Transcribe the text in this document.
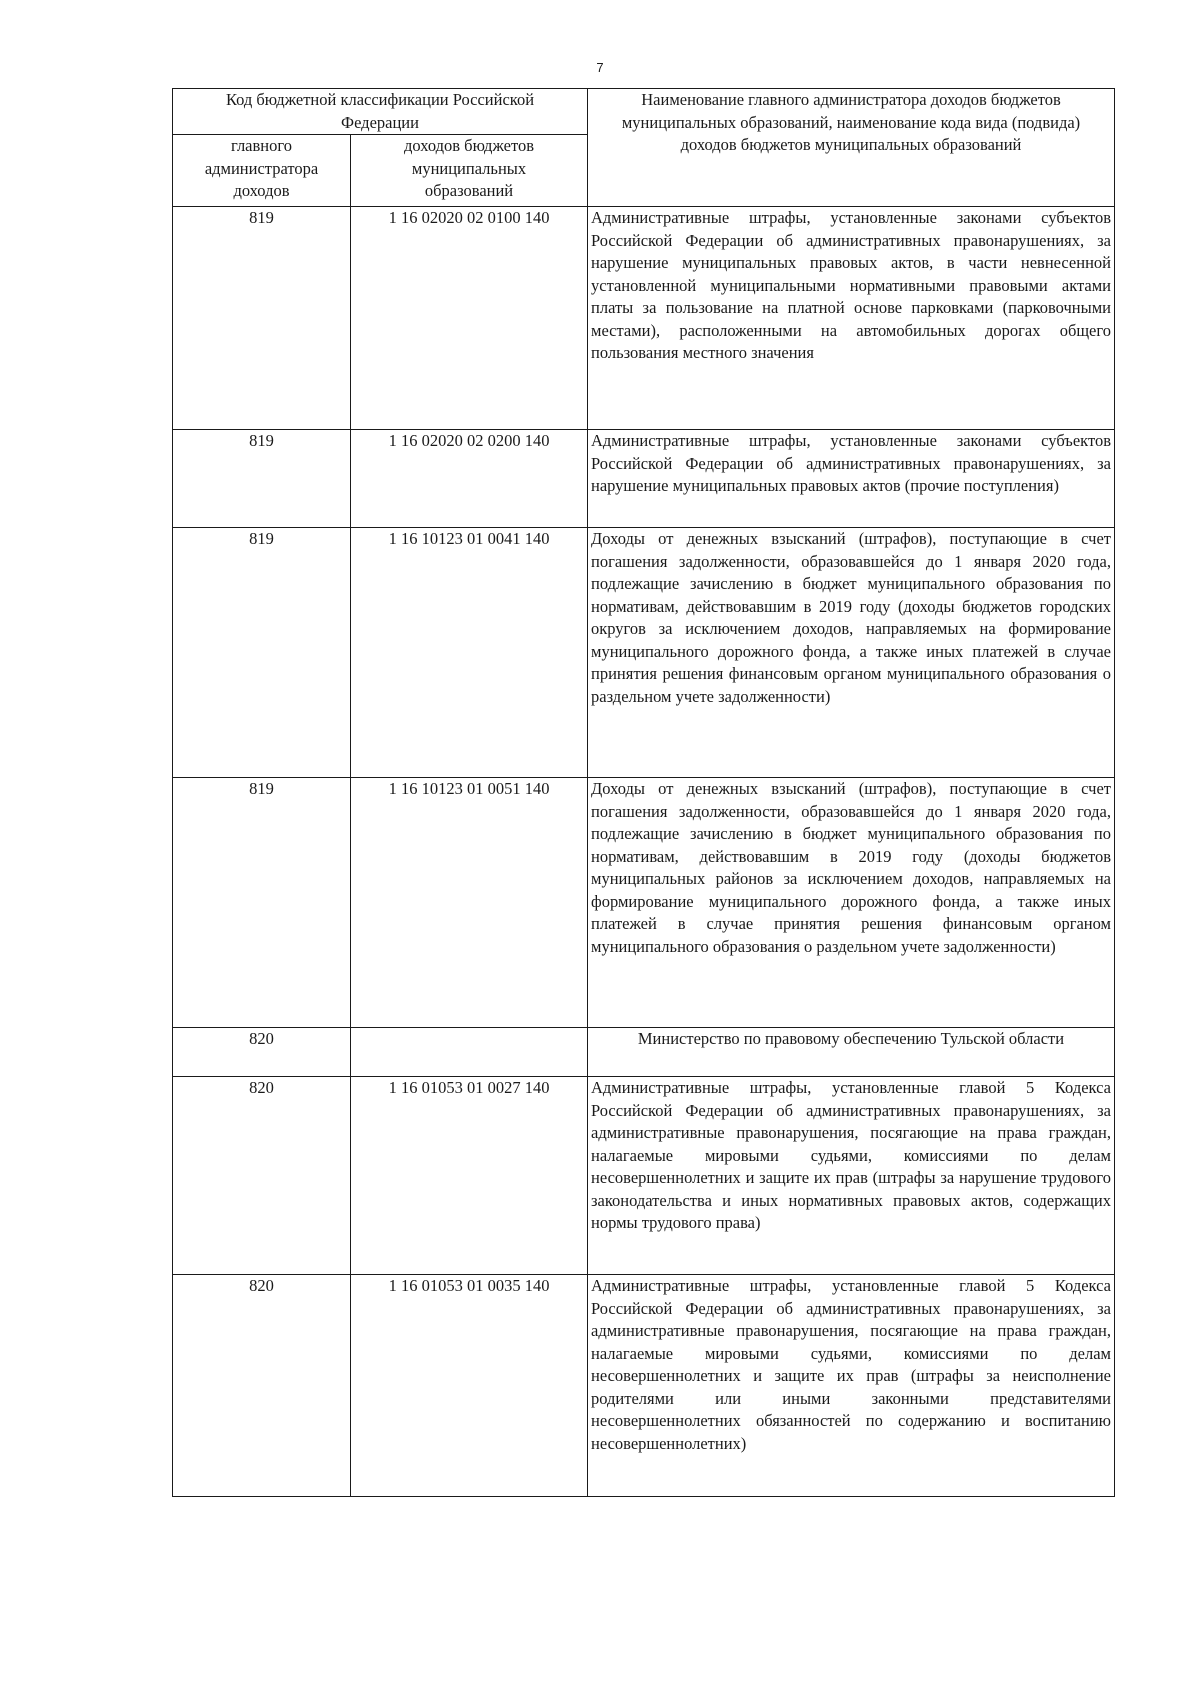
7
Код бюджетной классификации Российской Федерации		Наименование главного администратора доходов бюджетов муниципальных образований, наименование кода вида (подвида) доходов бюджетов муниципальных образований
главного администратора доходов	доходов бюджетов муниципальных образований	
819	1 16 02020 02 0100 140	Административные штрафы, установленные законами субъектов Российской Федерации об административных правонарушениях, за нарушение муниципальных правовых актов, в части невнесенной установленной муниципальными нормативными правовыми актами платы за пользование на платной основе парковками (парковочными местами), расположенными на автомобильных дорогах общего пользования местного значения
819	1 16 02020 02 0200 140	Административные штрафы, установленные законами субъектов Российской Федерации об административных правонарушениях, за нарушение муниципальных правовых актов (прочие поступления)
819	1 16 10123 01 0041 140	Доходы от денежных взысканий (штрафов), поступающие в счет погашения задолженности, образовавшейся до 1 января 2020 года, подлежащие зачислению в бюджет муниципального образования по нормативам, действовавшим в 2019 году (доходы бюджетов городских округов за исключением доходов, направляемых на формирование муниципального дорожного фонда, а также иных платежей в случае принятия решения финансовым органом муниципального образования о раздельном учете задолженности)
819	1 16 10123 01 0051 140	Доходы от денежных взысканий (штрафов), поступающие в счет погашения задолженности, образовавшейся до 1 января 2020 года, подлежащие зачислению в бюджет муниципального образования по нормативам, действовавшим в 2019 году (доходы бюджетов муниципальных районов за исключением доходов, направляемых на формирование муниципального дорожного фонда, а также иных платежей в случае принятия решения финансовым органом муниципального образования о раздельном учете задолженности)
820		Министерство по правовому обеспечению Тульской области
820	1 16 01053 01 0027 140	Административные штрафы, установленные главой 5 Кодекса Российской Федерации об административных правонарушениях, за административные правонарушения, посягающие на права граждан, налагаемые мировыми судьями, комиссиями по делам несовершеннолетних и защите их прав (штрафы за нарушение трудового законодательства и иных нормативных правовых актов, содержащих нормы трудового права)
820	1 16 01053 01 0035 140	Административные штрафы, установленные главой 5 Кодекса Российской Федерации об административных правонарушениях, за административные правонарушения, посягающие на права граждан, налагаемые мировыми судьями, комиссиями по делам несовершеннолетних и защите их прав (штрафы за неисполнение родителями или иными законными представителями несовершеннолетних обязанностей по содержанию и воспитанию несовершеннолетних)
